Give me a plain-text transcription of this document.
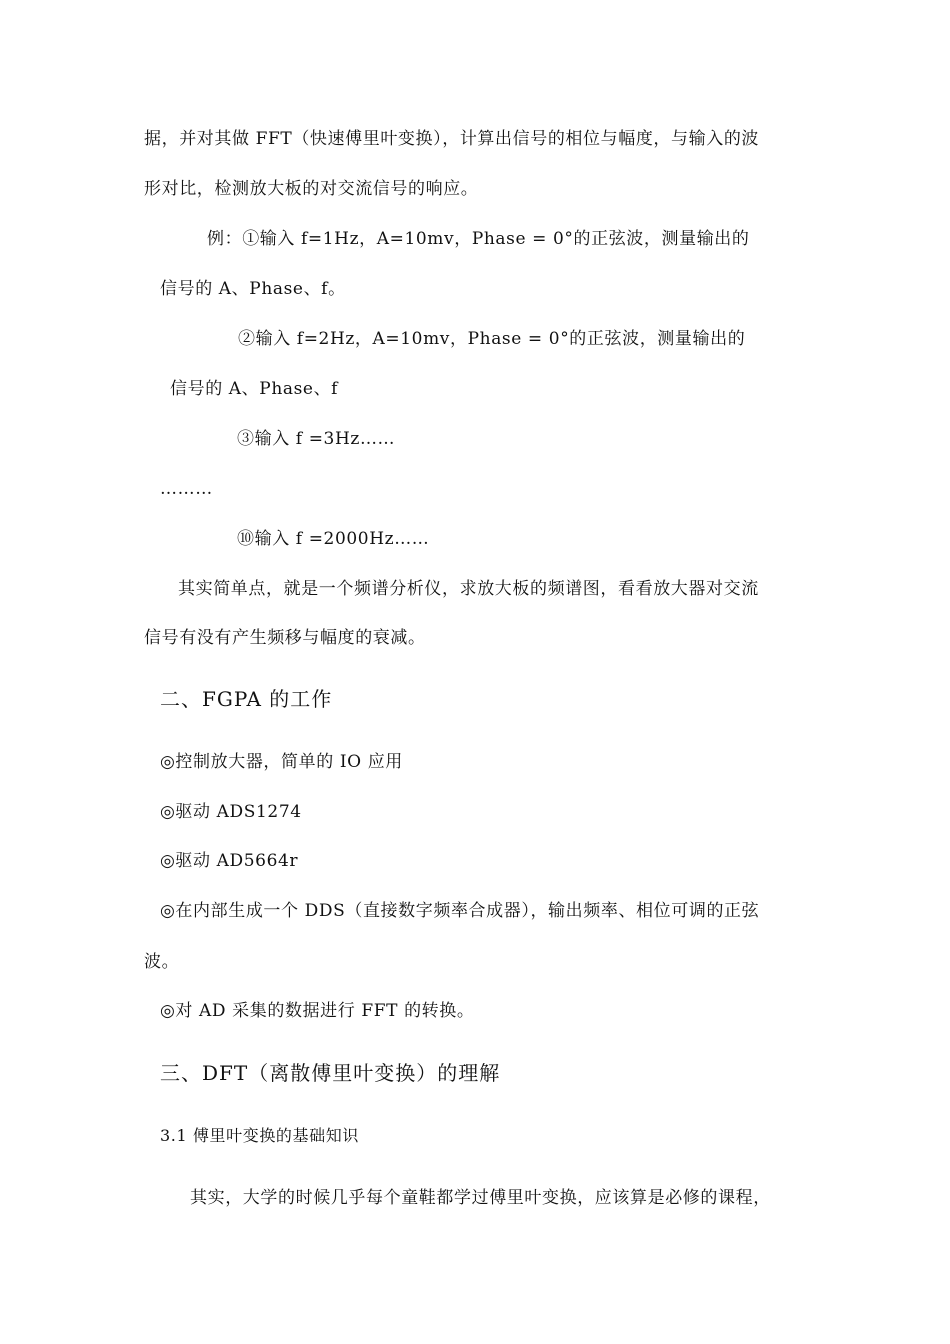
据，并对其做 FFT（快速傅里叶变换），计算出信号的相位与幅度，与输入的波
形对比，检测放大板的对交流信号的响应。
例：①输入 f=1Hz，A=10mv，Phase = 0°的正弦波，测量输出的
信号的 A、Phase、f。
②输入 f=2Hz，A=10mv，Phase = 0°的正弦波，测量输出的
信号的 A、Phase、f
③输入 f =3Hz……
………
⑩输入 f =2000Hz……
其实简单点，就是一个频谱分析仪，求放大板的频谱图，看看放大器对交流
信号有没有产生频移与幅度的衰减。
二、FGPA 的工作
◎控制放大器，简单的 IO 应用
◎驱动 ADS1274
◎驱动 AD5664r
◎在内部生成一个 DDS（直接数字频率合成器），输出频率、相位可调的正弦
波。
◎对 AD 采集的数据进行 FFT 的转换。
三、DFT（离散傅里叶变换）的理解
3.1 傅里叶变换的基础知识
其实，大学的时候几乎每个童鞋都学过傅里叶变换，应该算是必修的课程，
